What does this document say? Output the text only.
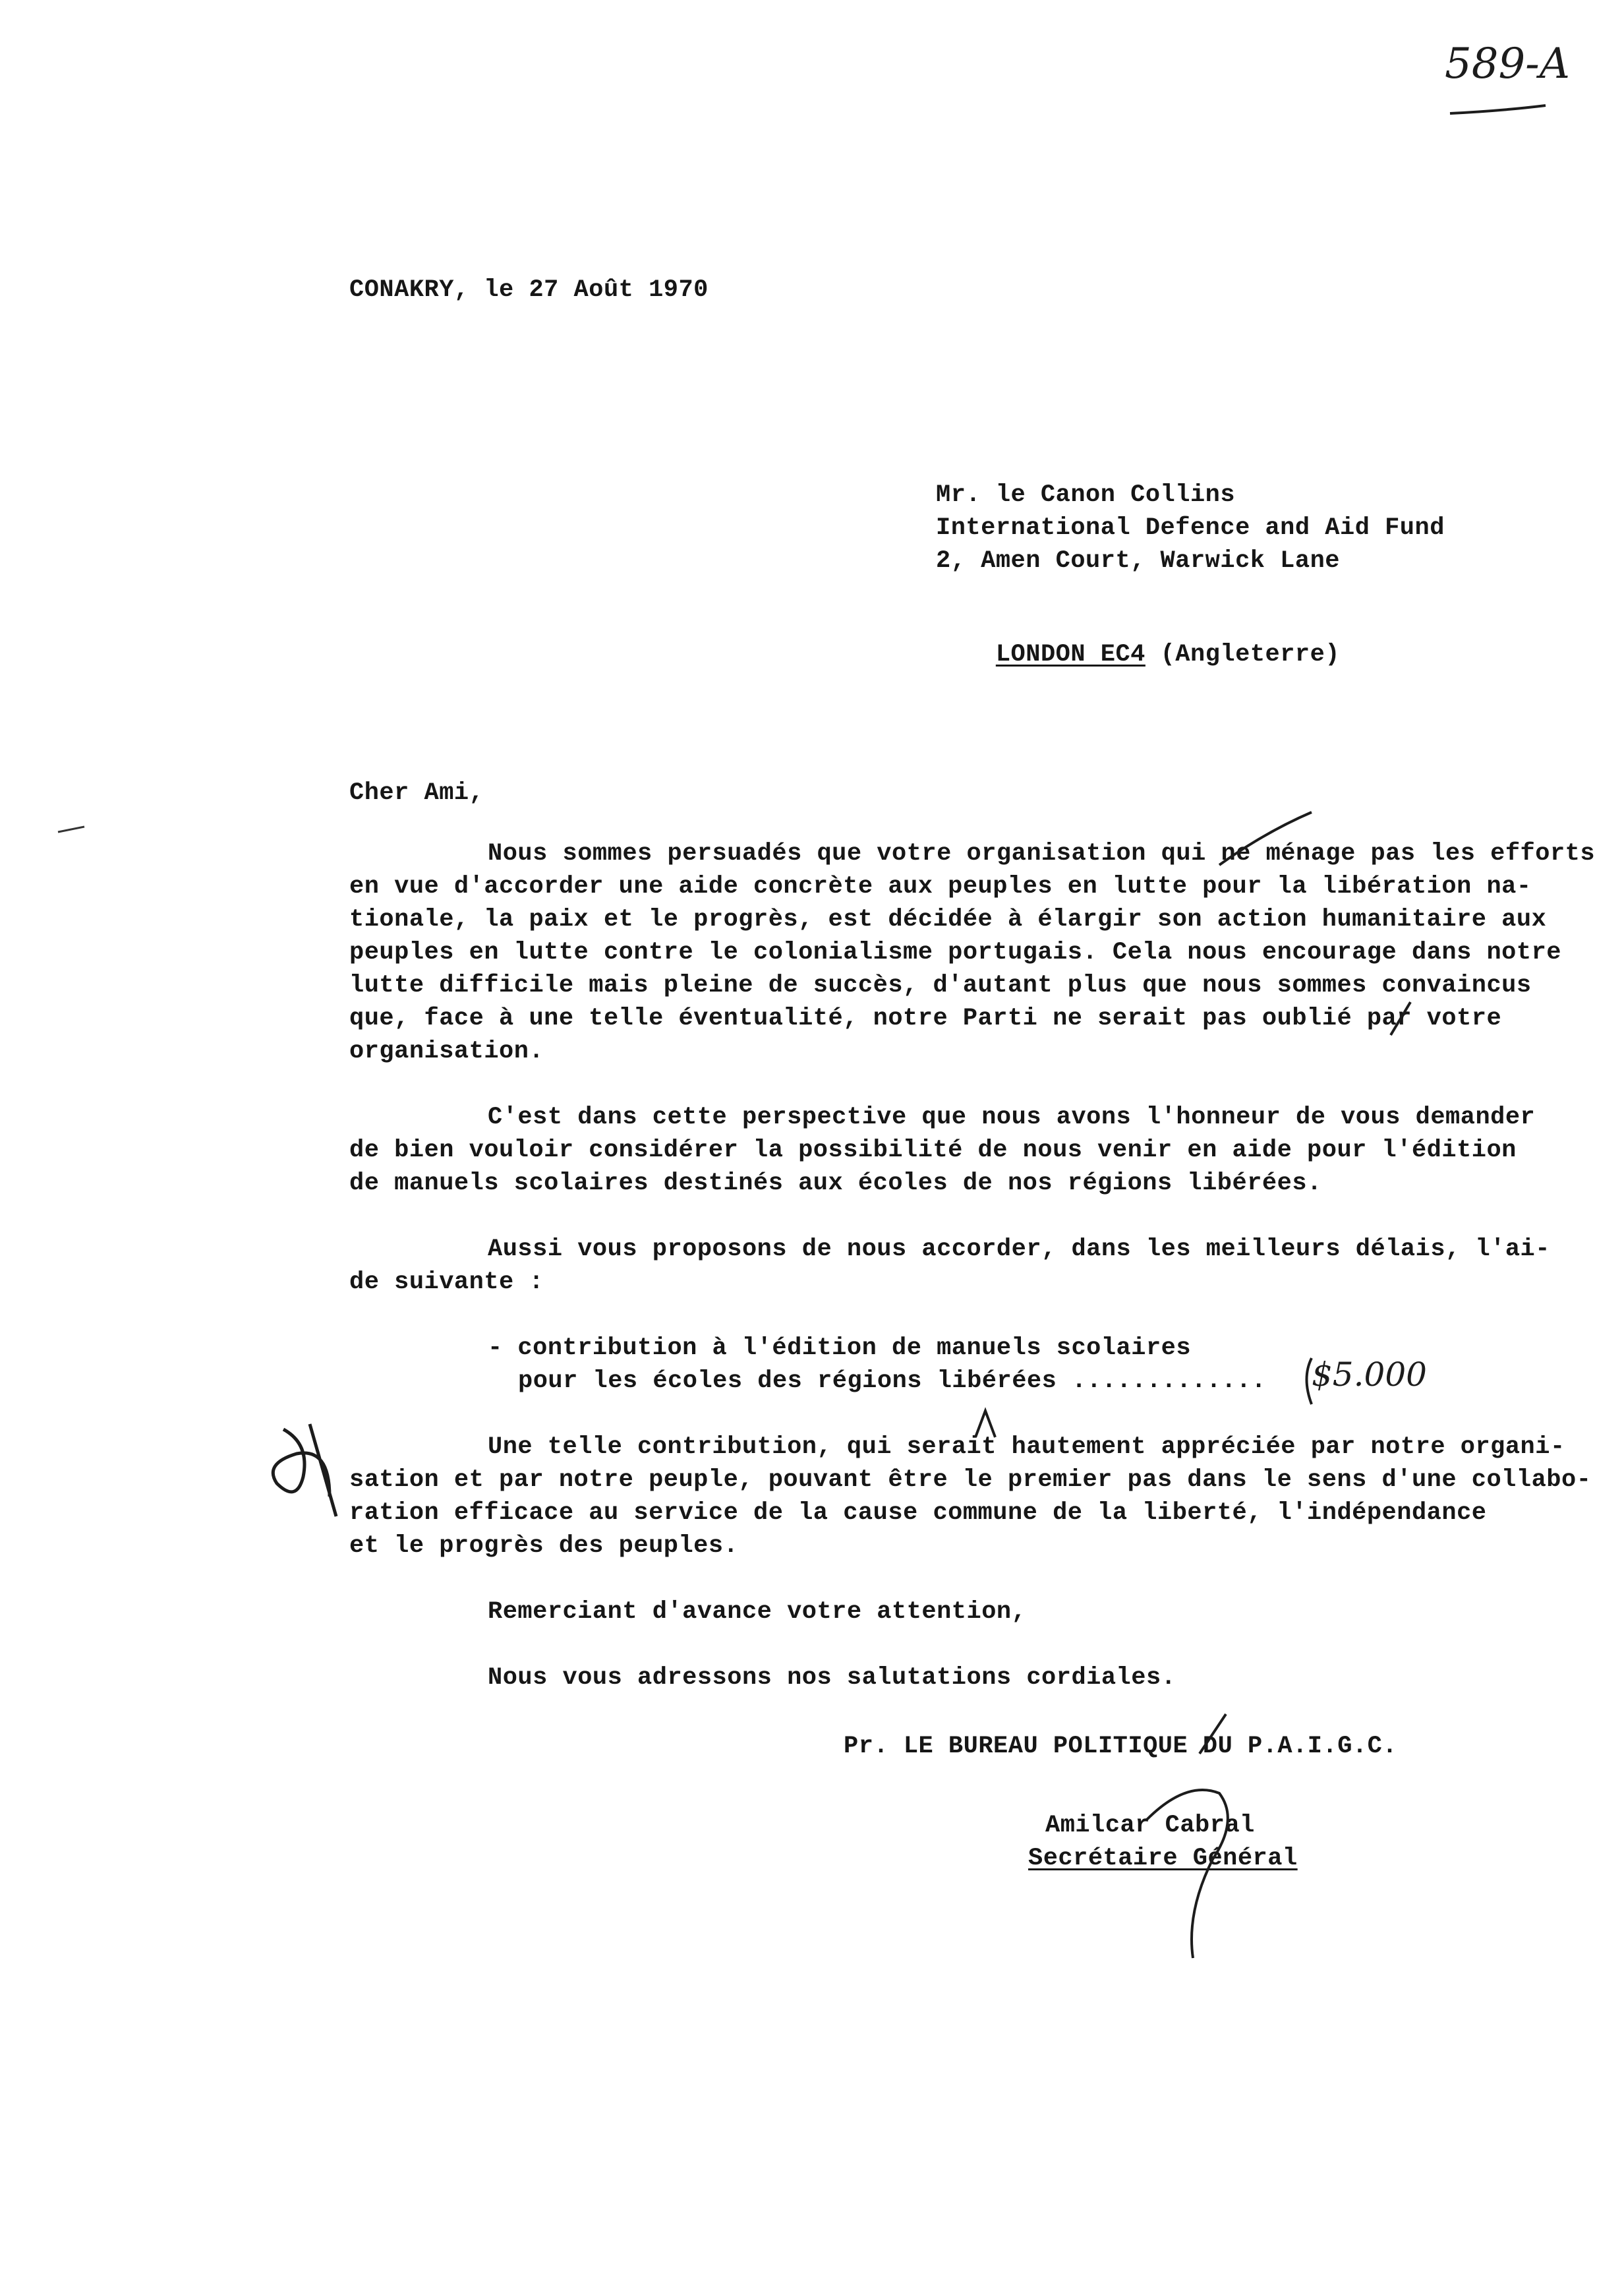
589-A
CONAKRY, le 27 Août 1970
Mr. le Canon Collins
International Defence and Aid Fund
2, Amen Court, Warwick Lane

LONDON EC4 (Angleterre)

Cher Ami,
Nous sommes persuadés que votre organisation qui ne ménage pas les efforts
en vue d'accorder une aide concrète aux peuples en lutte pour la libération na-
tionale, la paix et le progrès, est décidée à élargir son action humanitaire aux
peuples en lutte contre le colonialisme portugais. Cela nous encourage dans notre
lutte difficile mais pleine de succès, d'autant plus que nous sommes convaincus
que, face à une telle éventualité, notre Parti ne serait pas oublié par votre
organisation.
C'est dans cette perspective que nous avons l'honneur de vous demander
de bien vouloir considérer la possibilité de nous venir en aide pour l'édition
de manuels scolaires destinés aux écoles de nos régions libérées.
Aussi vous proposons de nous accorder, dans les meilleurs délais, l'ai-
de suivante :
- contribution à l'édition de manuels scolaires
pour les écoles des régions libérées ............. $5.000
Une telle contribution, qui serait hautement appréciée par notre organi-
sation et par notre peuple, pouvant être le premier pas dans le sens d'une collabo-
ration efficace au service de la cause commune de la liberté, l'indépendance
et le progrès des peuples.
Remerciant d'avance votre attention,
Nous vous adressons nos salutations cordiales.
Pr. LE BUREAU POLITIQUE DU P.A.I.G.C.
Amilcar Cabral
Secrétaire Général
